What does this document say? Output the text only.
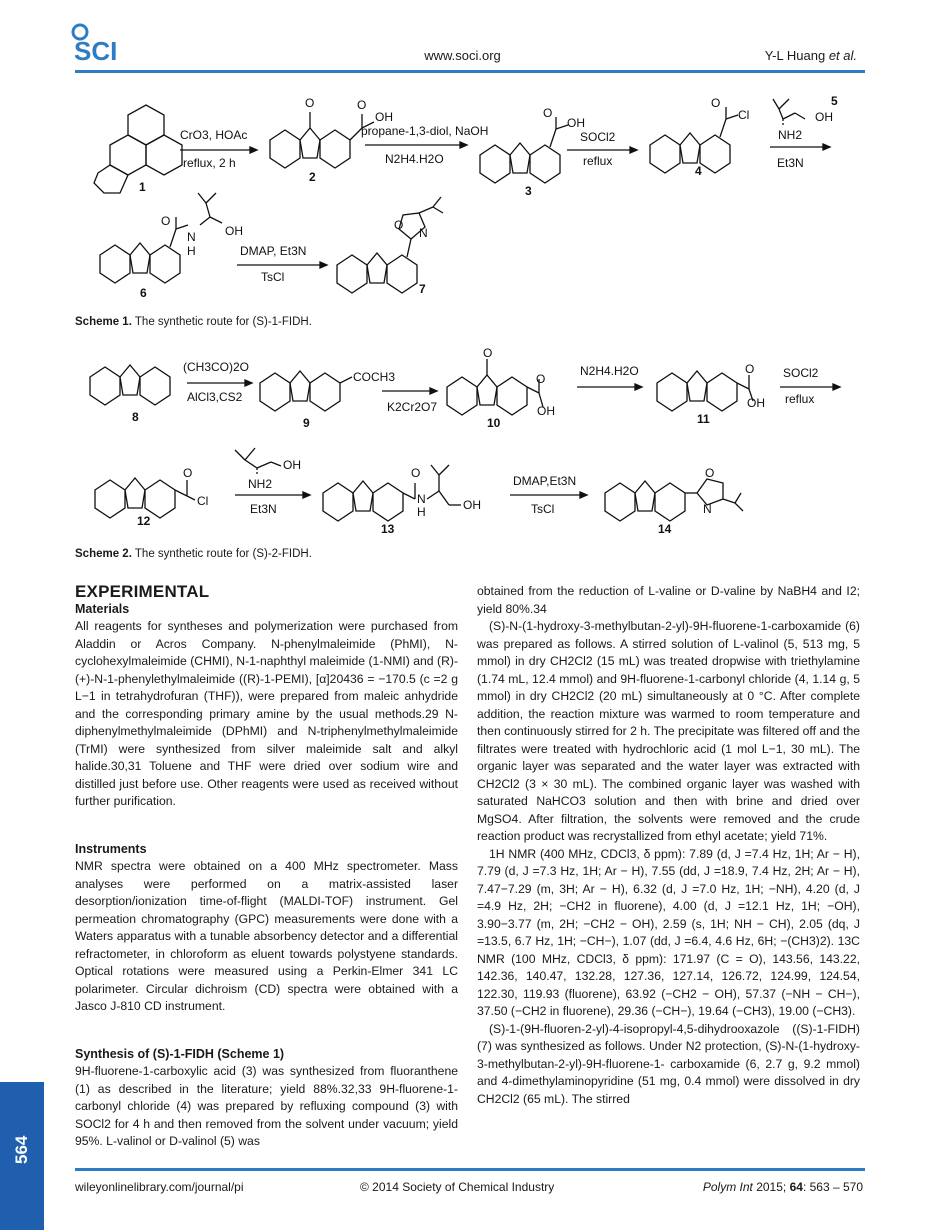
SCI	www.soci.org	Y-L Huang et al.
1
CrO3, HOAc
reflux, 2 h
O	O
OH
2
propane-1,3-diol, NaOH
N2H4.H2O
O
OH
3
SOCl2
reflux
O
Cl
4
OH
NH2
5
Et3N
O
N
H
OH
6
DMAP, Et3N
TsCl
O
N
7
Scheme 1. The synthetic route for (S)-1-FIDH.
8
(CH3CO)2O
AlCl3,CS2
COCH3
9
K2Cr2O7
O
O
OH
10
N2H4.H2O	O
OH
11
SOCl2
reflux
O
Cl
12
OH
NH2
Et3N
O
N
H	OH
13
DMAP,Et3N
TsCl
O
N
14
Scheme 2. The synthetic route for (S)-2-FIDH.
EXPERIMENTAL
Materials

All reagents for syntheses and polymerization were purchased from Aladdin or Acros Company. N-phenylmaleimide (PhMI), N-cyclohexylmaleimide (CHMI), N-1-naphthyl maleimide (1-NMI) and (R)-(+)-N-1-phenylethylmaleimide ((R)-1-PEMI), [α]20436 = −170.5 (c =2 g L−1 in tetrahydrofuran (THF)), were prepared from maleic anhydride and the corresponding primary amine by the usual methods.29 N-diphenylmethylmaleimide (DPhMI) and N-triphenylmethylmaleimide (TrMI) were synthesized from silver maleimide salt and alkyl halide.30,31 Toluene and THF were dried over sodium wire and distilled just before use. Other reagents were used as received without further purification.

Instruments

NMR spectra were obtained on a 400 MHz spectrometer. Mass analyses were performed on a matrix-assisted laser desorption/ionization time-of-flight (MALDI-TOF) instrument. Gel permeation chromatography (GPC) measurements were done with a Waters apparatus with a tunable absorbency detector and a differential refractometer, in chloroform as eluent towards polystyene standards. Optical rotations were measured using a Perkin-Elmer 341 LC polarimeter. Circular dichroism (CD) spectra were obtained with a Jasco J-810 CD instrument.

Synthesis of (S)-1-FIDH (Scheme 1)

9H-fluorene-1-carboxylic acid (3) was synthesized from fluoranthene (1) as described in the literature; yield 88%.32,33 9H-fluorene-1-carbonyl chloride (4) was prepared by refluxing compound (3) with SOCl2 for 4 h and then removed from the solvent under vacuum; yield 95%. L-valinol or D-valinol (5) was

obtained from the reduction of L-valine or D-valine by NaBH4 and I2; yield 80%.34

(S)-N-(1-hydroxy-3-methylbutan-2-yl)-9H-fluorene-1-carboxamide (6) was prepared as follows. A stirred solution of L-valinol (5, 513 mg, 5 mmol) in dry CH2Cl2 (15 mL) was treated dropwise with triethylamine (1.74 mL, 12.4 mmol) and 9H-fluorene-1-carbonyl chloride (4, 1.14 g, 5 mmol) in dry CH2Cl2 (20 mL) simultaneously at 0 °C. After complete addition, the reaction mixture was warmed to room temperature and then continuously stirred for 2 h. The precipitate was filtered off and the filtrates were treated with hydrochloric acid (1 mol L−1, 30 mL). The organic layer was separated and the water layer was extracted with CH2Cl2 (3 × 30 mL). The combined organic layer was washed with saturated NaHCO3 solution and then with brine and dried over MgSO4. After filtration, the solvents were removed and the crude reaction product was recrystallized from ethyl acetate; yield 71%.

1H NMR (400 MHz, CDCl3, δ ppm): 7.89 (d, J =7.4 Hz, 1H; Ar − H), 7.79 (d, J =7.3 Hz, 1H; Ar − H), 7.55 (dd, J =18.9, 7.4 Hz, 2H; Ar − H), 7.47−7.29 (m, 3H; Ar − H), 6.32 (d, J =7.0 Hz, 1H; −NH), 4.20 (d, J =4.9 Hz, 2H; −CH2 in fluorene), 4.00 (d, J =12.1 Hz, 1H; −OH), 3.90−3.77 (m, 2H; −CH2 − OH), 2.59 (s, 1H; NH − CH), 2.05 (dq, J =13.5, 6.7 Hz, 1H; −CH−), 1.07 (dd, J =6.4, 4.6 Hz, 6H; −(CH3)2). 13C NMR (100 MHz, CDCl3, δ ppm): 171.97 (C = O), 143.56, 143.22, 142.36, 140.47, 132.28, 127.36, 127.14, 126.72, 124.99, 124.54, 122.30, 119.93 (fluorene), 63.92 (−CH2 − OH), 57.37 (−NH − CH−), 37.50 (−CH2 in fluorene), 29.36 (−CH−), 19.64 (−CH3), 19.00 (−CH3).

(S)-1-(9H-fluoren-2-yl)-4-isopropyl-4,5-dihydrooxazole ((S)-1-FIDH) (7) was synthesized as follows. Under N2 protection, (S)-N-(1-hydroxy-3-methylbutan-2-yl)-9H-fluorene-1- carboxamide (6, 2.7 g, 9.2 mmol) and 4-dimethylaminopyridine (51 mg, 0.4 mmol) were dissolved in dry CH2Cl2 (65 mL). The stirred

564
wileyonlinelibrary.com/journal/pi	© 2014 Society of Chemical Industry	Polym Int 2015; 64: 563 – 570
